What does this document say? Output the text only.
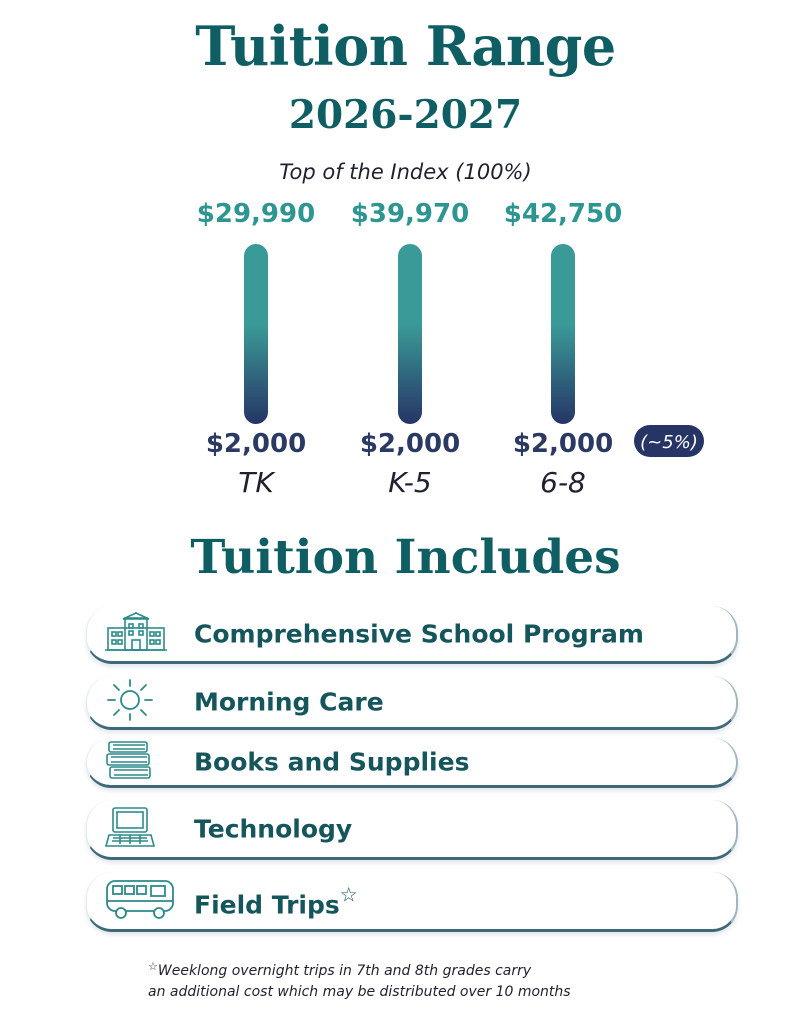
Tuition Range
2026-2027
Top of the Index (100%)
$29,990
$2,000
TK
$39,970
$2,000
K-5
$42,750
$2,000
6-8
(~5%)
Tuition Includes
Comprehensive School Program
Morning Care
Books and Supplies
Technology
Field Trips☆
☆Weeklong overnight trips in 7th and 8th grades carry
an additional cost which may be distributed over 10 months
